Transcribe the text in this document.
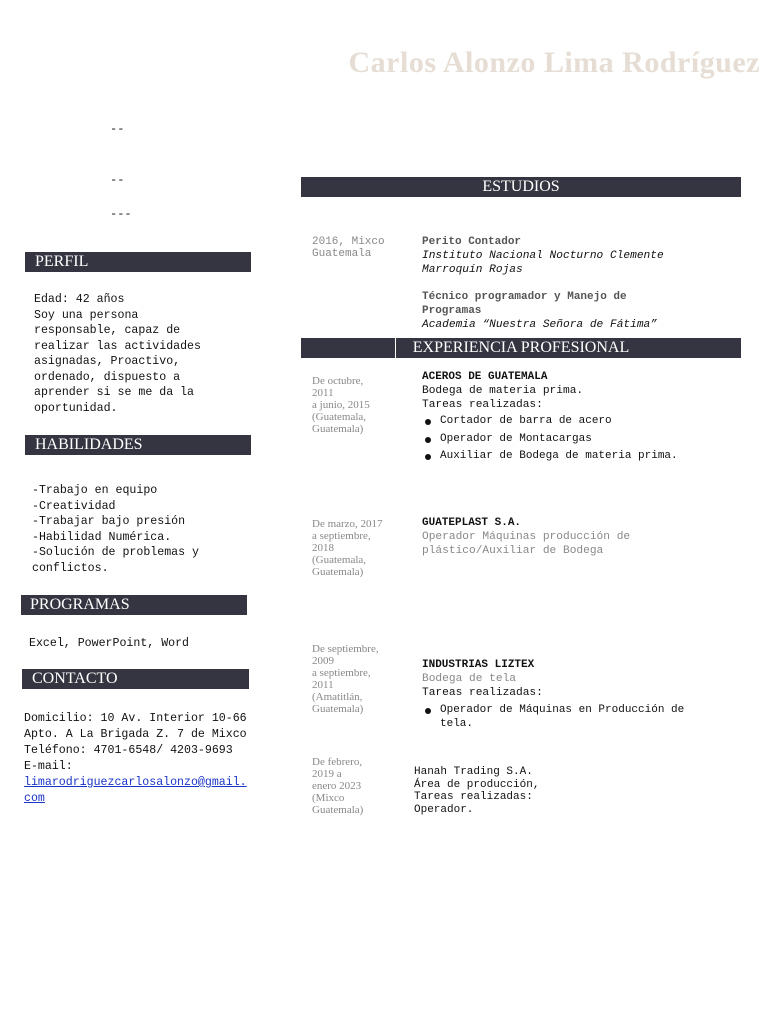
Carlos Alonzo Lima Rodríguez
--
--
---
PERFIL
Edad: 42 años
Soy una persona
responsable, capaz de
realizar las actividades
asignadas, Proactivo,
ordenado, dispuesto a
aprender si se me da la
oportunidad.
HABILIDADES
-Trabajo en equipo
-Creatividad
-Trabajar bajo presión
-Habilidad Numérica.
-Solución de problemas y
conflictos.
PROGRAMAS
Excel, PowerPoint, Word
CONTACTO
Domicilio: 10 Av. Interior 10-66
Apto. A La Brigada Z. 7 de Mixco
Teléfono: 4701-6548/ 4203-9693
E-mail:
limarodriguezcarlosalonzo@gmail.
com
ESTUDIOS
2016, Mixco
Guatemala
Perito Contador
Instituto Nacional Nocturno Clemente
Marroquín Rojas
Técnico programador y Manejo de
Programas
Academia “Nuestra Señora de Fátima”
EXPERIENCIA PROFESIONAL
De octubre,
2011
a junio, 2015
(Guatemala,
Guatemala)
ACEROS DE GUATEMALA
Bodega de materia prima.
Tareas realizadas:
Cortador de barra de acero
Operador de Montacargas
Auxiliar de Bodega de materia prima.
De marzo, 2017
a septiembre,
2018
(Guatemala,
Guatemala)
GUATEPLAST S.A.
Operador Máquinas producción de
plástico/Auxiliar de Bodega
De septiembre,
2009
a septiembre,
2011
(Amatitlán,
Guatemala)
INDUSTRIAS LIZTEX
Bodega de tela
Tareas realizadas:
Operador de Máquinas en Producción de
tela.
De febrero,
2019 a
enero 2023
(Mixco
Guatemala)
Hanah Trading S.A.
Área de producción,
Tareas realizadas:
Operador.
